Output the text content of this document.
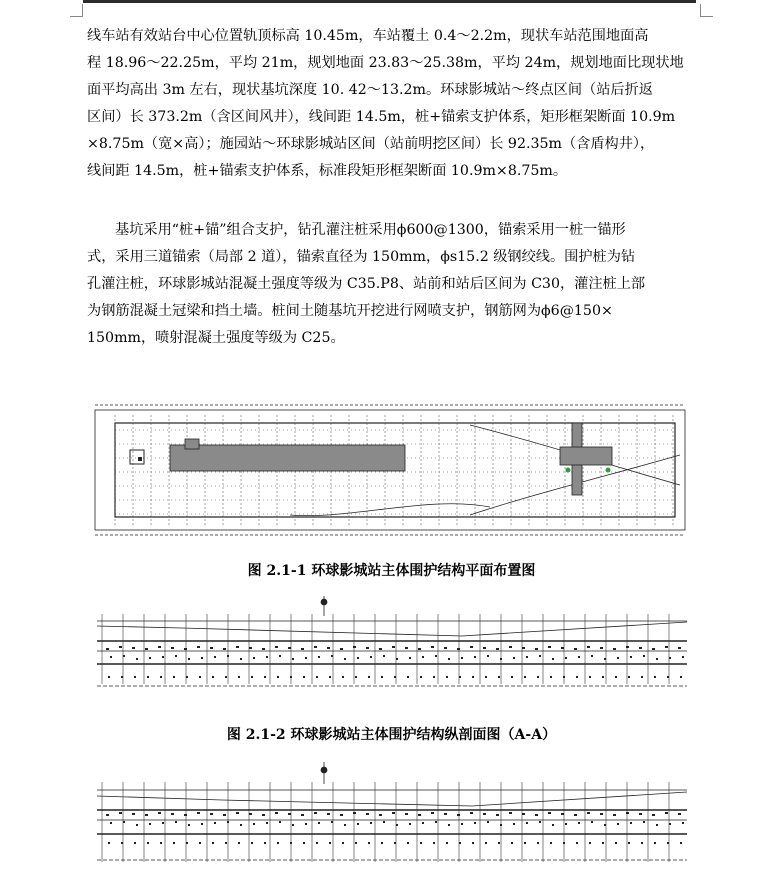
线车站有效站台中心位置轨顶标高 10.45m，车站覆土 0.4～2.2m，现状车站范围地面高
程 18.96～22.25m，平均 21m，规划地面 23.83～25.38m，平均 24m，规划地面比现状地
面平均高出 3m 左右，现状基坑深度 10. 42～13.2m。环球影城站～终点区间（站后折返
区间）长 373.2m（含区间风井），线间距 14.5m，桩+锚索支护体系，矩形框架断面 10.9m
×8.75m（宽×高）；施园站～环球影城站区间（站前明挖区间）长 92.35m（含盾构井），
线间距 14.5m，桩+锚索支护体系，标准段矩形框架断面 10.9m×8.75m。

基坑采用“桩+锚”组合支护，钻孔灌注桩采用ϕ600@1300，锚索采用一桩一锚形
式，采用三道锚索（局部 2 道），锚索直径为 150mm，ϕs15.2 级钢绞线。围护桩为钻
孔灌注桩，环球影城站混凝土强度等级为 C35.P8、站前和站后区间为 C30，灌注桩上部
为钢筋混凝土冠梁和挡土墙。桩间土随基坑开挖进行网喷支护，钢筋网为ϕ6@150×
150mm，喷射混凝土强度等级为 C25。

图 2.1-1 环球影城站主体围护结构平面布置图
图 2.1-2 环球影城站主体围护结构纵剖面图（A-A）
